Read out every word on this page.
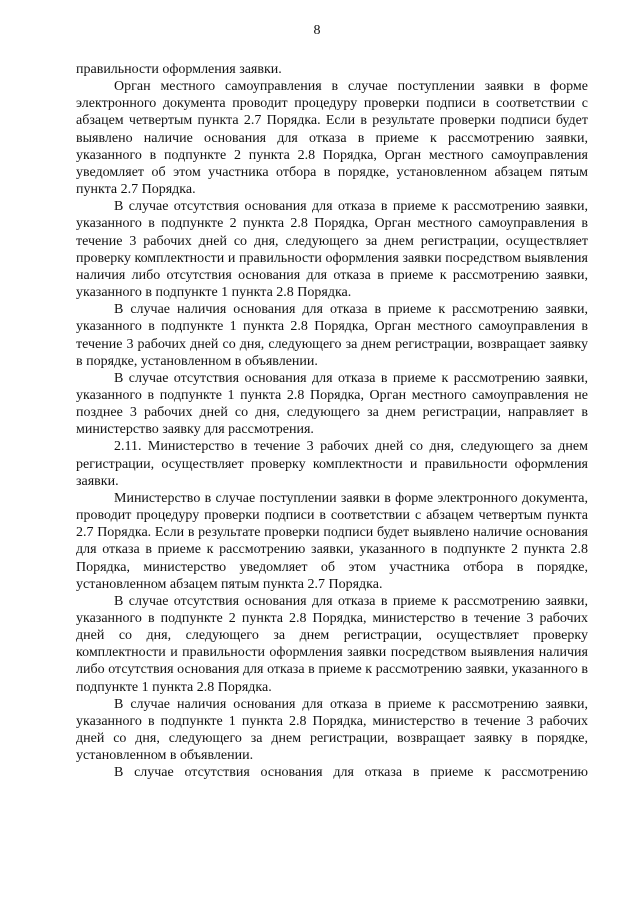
8

правильности оформления заявки.

Орган местного самоуправления в случае поступлении заявки в форме электронного документа проводит процедуру проверки подписи в соответствии с абзацем четвертым пункта 2.7 Порядка. Если в результате проверки подписи будет выявлено наличие основания для отказа в приеме к рассмотрению заявки, указанного в подпункте 2 пункта 2.8 Порядка, Орган местного самоуправления уведомляет об этом участника отбора в порядке, установленном абзацем пятым пункта 2.7 Порядка.

В случае отсутствия основания для отказа в приеме к рассмотрению заявки, указанного в подпункте 2 пункта 2.8 Порядка, Орган местного самоуправления в течение 3 рабочих дней со дня, следующего за днем регистрации, осуществляет проверку комплектности и правильности оформления заявки посредством выявления наличия либо отсутствия основания для отказа в приеме к рассмотрению заявки, указанного в подпункте 1 пункта 2.8 Порядка.

В случае наличия основания для отказа в приеме к рассмотрению заявки, указанного в подпункте 1 пункта 2.8 Порядка, Орган местного самоуправления в течение 3 рабочих дней со дня, следующего за днем регистрации, возвращает заявку в порядке, установленном в объявлении.

В случае отсутствия основания для отказа в приеме к рассмотрению заявки, указанного в подпункте 1 пункта 2.8 Порядка, Орган местного самоуправления не позднее 3 рабочих дней со дня, следующего за днем регистрации, направляет в министерство заявку для рассмотрения.

2.11. Министерство в течение 3 рабочих дней со дня, следующего за днем регистрации, осуществляет проверку комплектности и правильности оформления заявки.

Министерство в случае поступлении заявки в форме электронного документа, проводит процедуру проверки подписи в соответствии с абзацем четвертым пункта 2.7 Порядка. Если в результате проверки подписи будет выявлено наличие основания для отказа в приеме к рассмотрению заявки, указанного в подпункте 2 пункта 2.8 Порядка, министерство уведомляет об этом участника отбора в порядке, установленном абзацем пятым пункта 2.7 Порядка.

В случае отсутствия основания для отказа в приеме к рассмотрению заявки, указанного в подпункте 2 пункта 2.8 Порядка, министерство в течение 3 рабочих дней со дня, следующего за днем регистрации, осуществляет проверку комплектности и правильности оформления заявки посредством выявления наличия либо отсутствия основания для отказа в приеме к рассмотрению заявки, указанного в подпункте 1 пункта 2.8 Порядка.

В случае наличия основания для отказа в приеме к рассмотрению заявки, указанного в подпункте 1 пункта 2.8 Порядка, министерство в течение 3 рабочих дней со дня, следующего за днем регистрации, возвращает заявку в порядке, установленном в объявлении.

В случае отсутствия основания для отказа в приеме к рассмотрению
